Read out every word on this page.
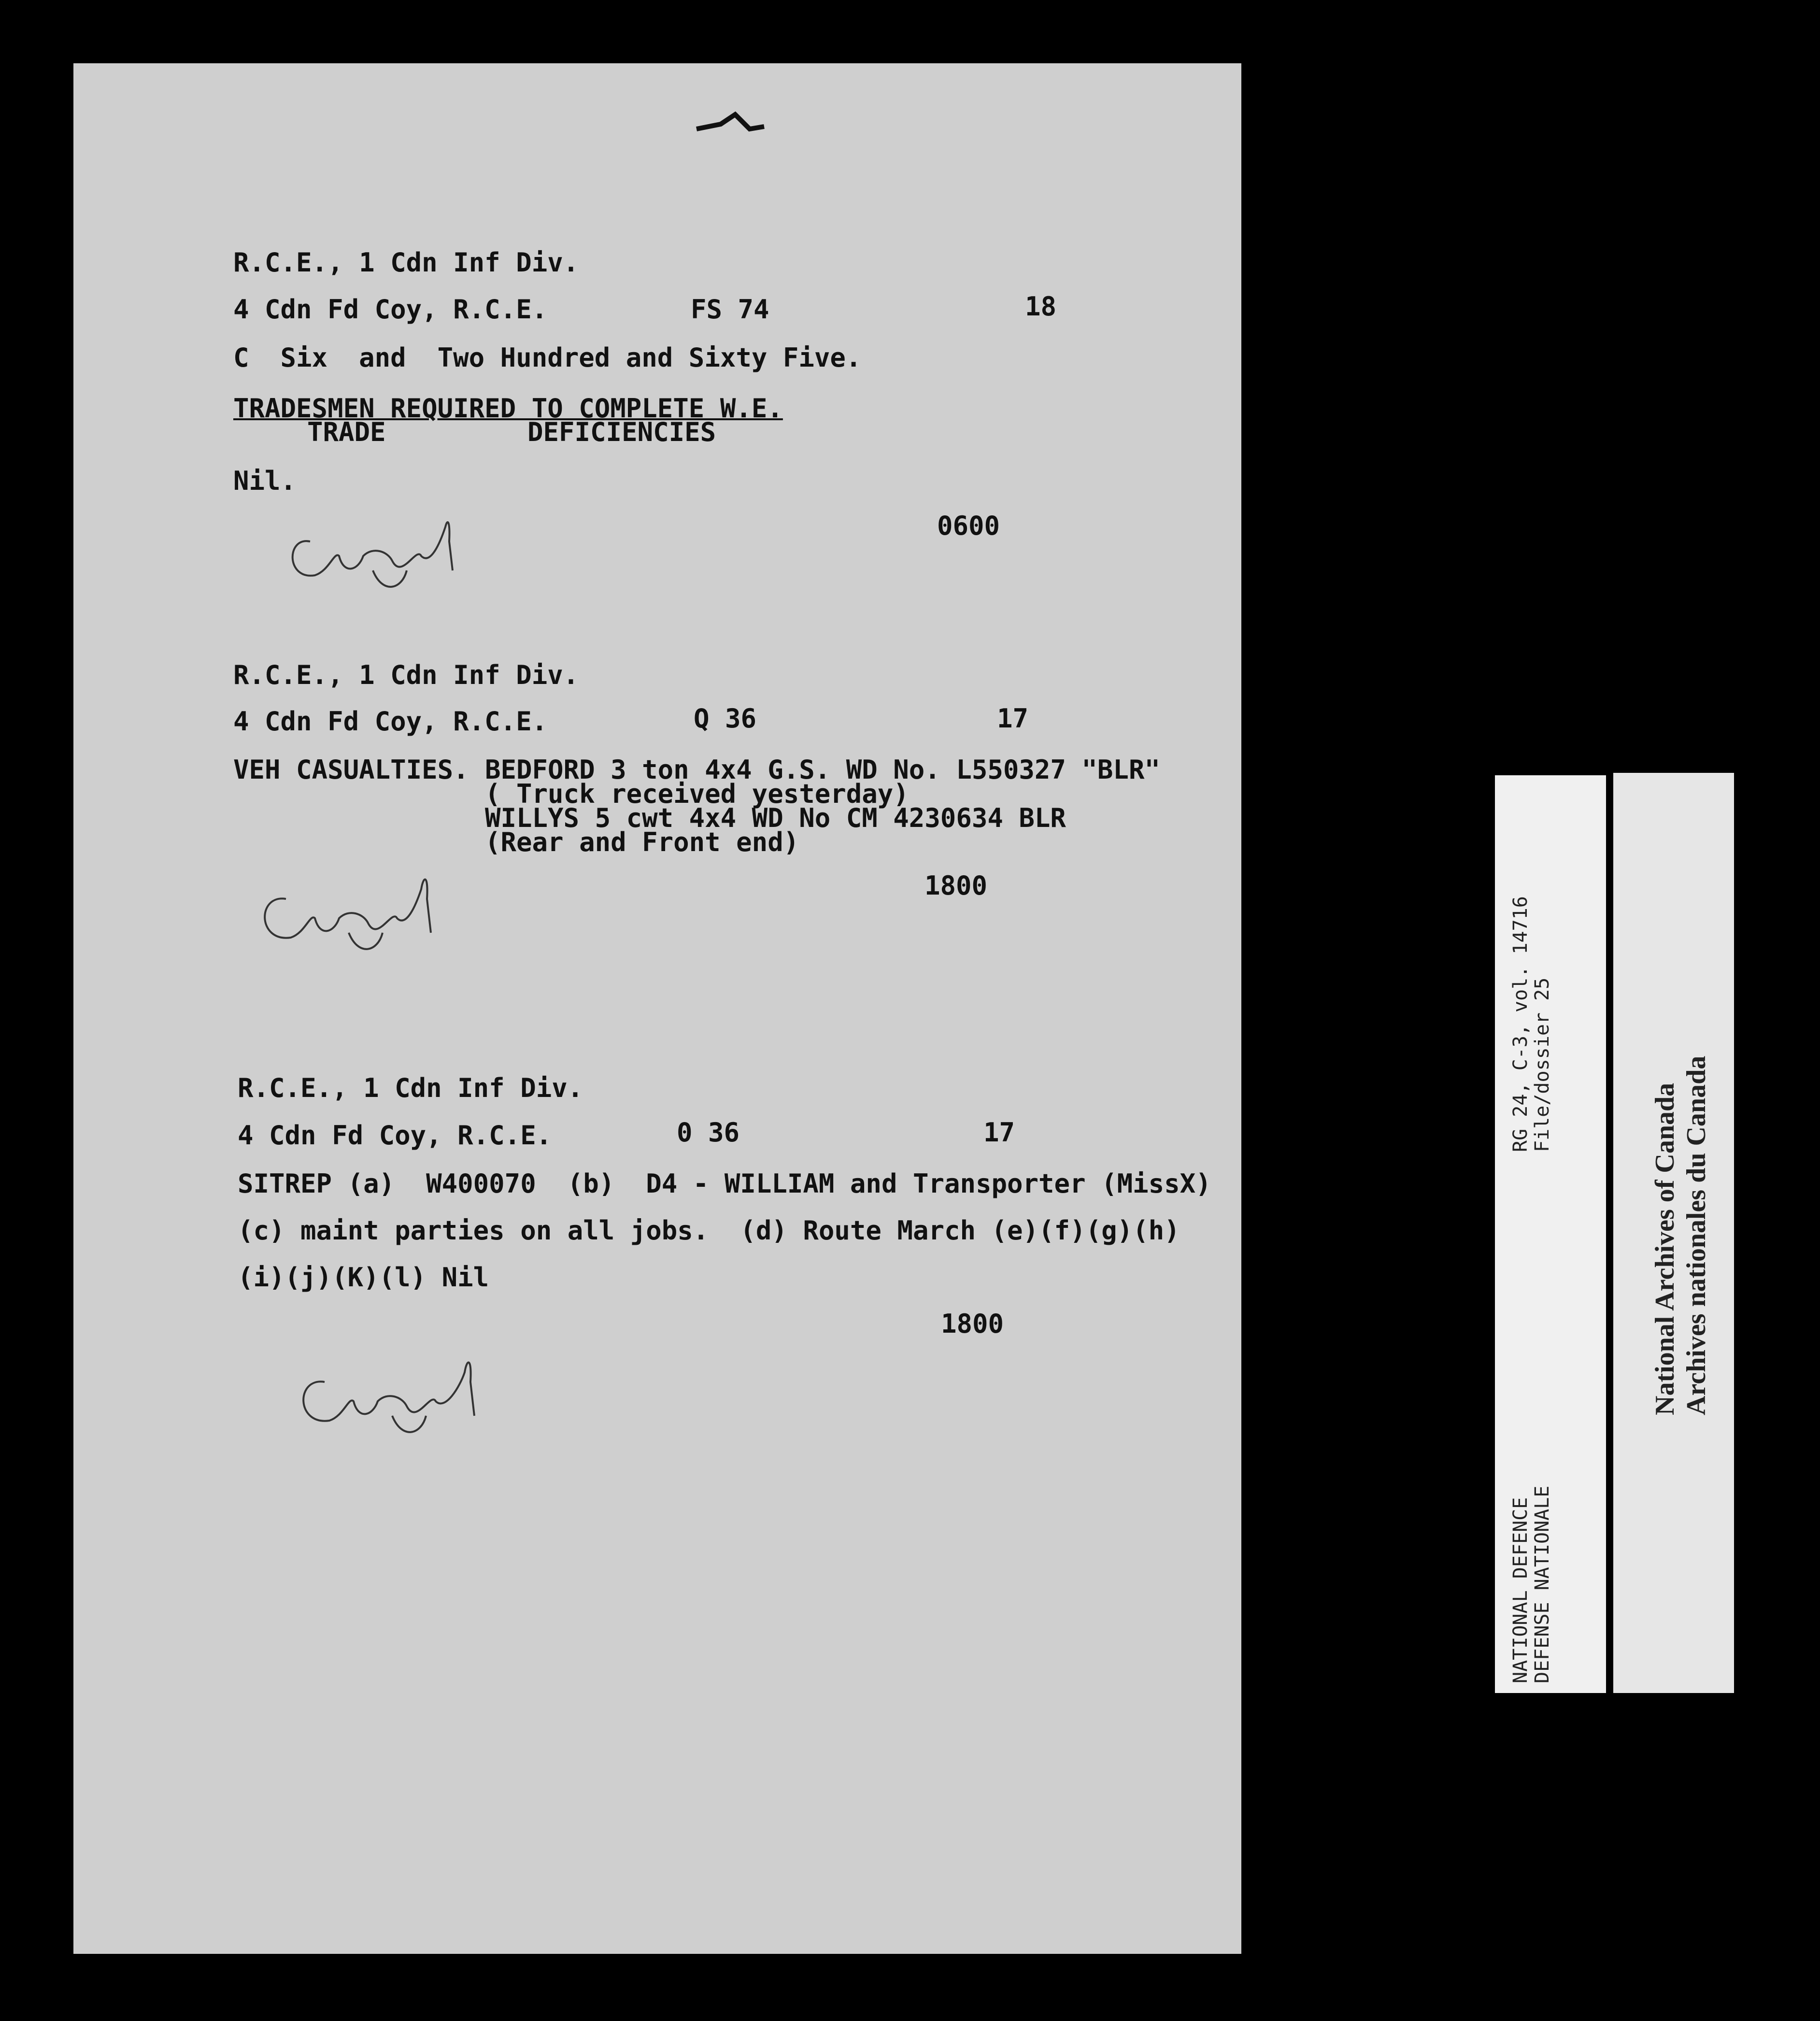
R.C.E., 1 Cdn Inf Div.
4 Cdn Fd Coy, R.C.E.	FS 74	18
C  Six  and  Two Hundred and Sixty Five.
TRADESMEN REQUIRED TO COMPLETE W.E.
TRADE	DEFICIENCIES
Nil.
0600
R.C.E., 1 Cdn Inf Div.
4 Cdn Fd Coy, R.C.E.	Q 36	17
VEH CASUALTIES. BEDFORD 3 ton 4x4 G.S. WD No. L550327 "BLR"
( Truck received yesterday)
WILLYS 5 cwt 4x4 WD No CM 4230634 BLR
(Rear and Front end)
1800
R.C.E., 1 Cdn Inf Div.
4 Cdn Fd Coy, R.C.E.	0 36	17
SITREP (a)  W400070  (b)  D4 - WILLIAM and Transporter (MissX)
(c) maint parties on all jobs.  (d) Route March (e)(f)(g)(h)
(i)(j)(K)(l) Nil
1800
RG 24, C-3, vol. 14716 File/dossier 25
NATIONAL DEFENCE DEFENSE NATIONALE
National Archives of Canada Archives nationales du Canada
